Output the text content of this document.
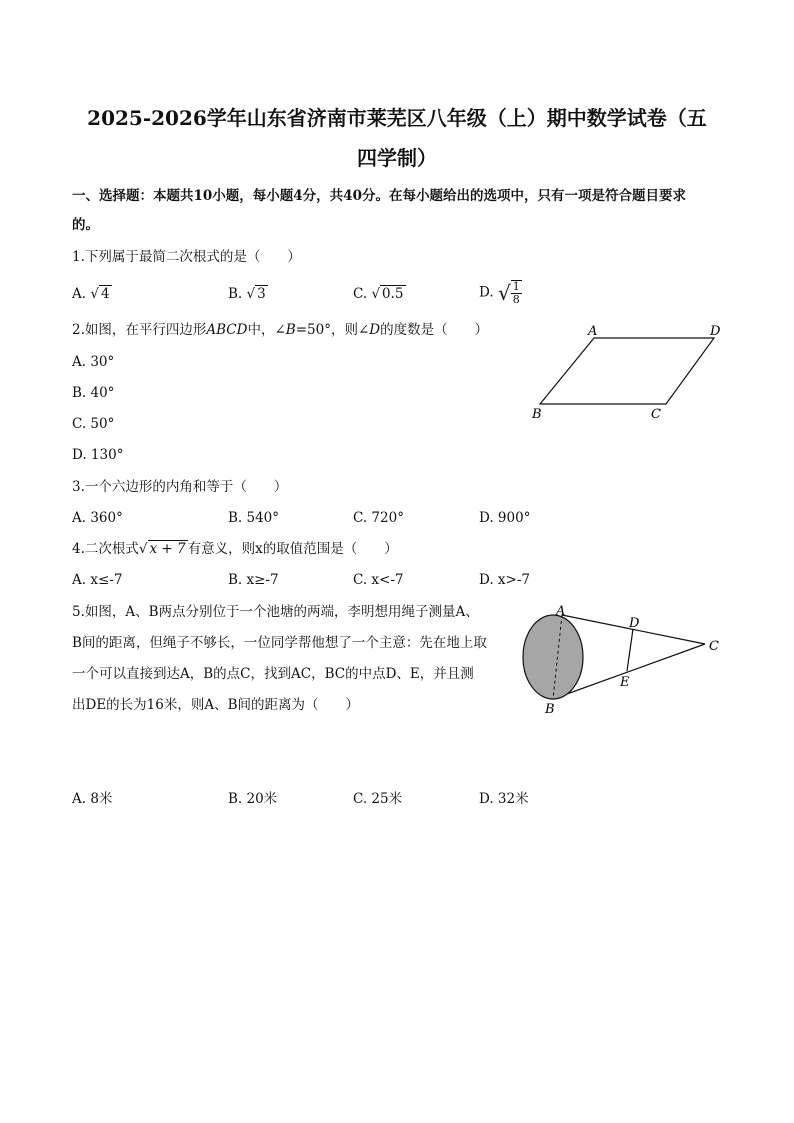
2025-2026学年山东省济南市莱芜区八年级（上）期中数学试卷（五
四学制）
一、选择题：本题共10小题，每小题4分，共40分。在每小题给出的选项中，只有一项是符合题目要求
的。
1.下列属于最简二次根式的是（　　）
A. √ 4	B. √ 3	C. √ 0.5	D. √ $\frac{1}{8}$
2.如图，在平行四边形ABCD中，∠B=50°，则∠D的度数是（　　）
A. 30°
B. 40°
C. 50°
D. 130°
A	D
B	C
3.一个六边形的内角和等于（　　）
A. 360°	B. 540°	C. 720°	D. 900°
4.二次根式√ x + 7 有意义，则x的取值范围是（　　）
A. x≤-7	B. x≥-7	C. x<-7	D. x>-7
5.如图，A、B两点分别位于一个池塘的两端，李明想用绳子测量A、
B间的距离，但绳子不够长，一位同学帮他想了一个主意：先在地上取
一个可以直接到达A，B的点C，找到AC，BC的中点D、E，并且测
出DE的长为16米，则A、B间的距离为（　　）
A
B
C
D
E
A. 8米	B. 20米	C. 25米	D. 32米
